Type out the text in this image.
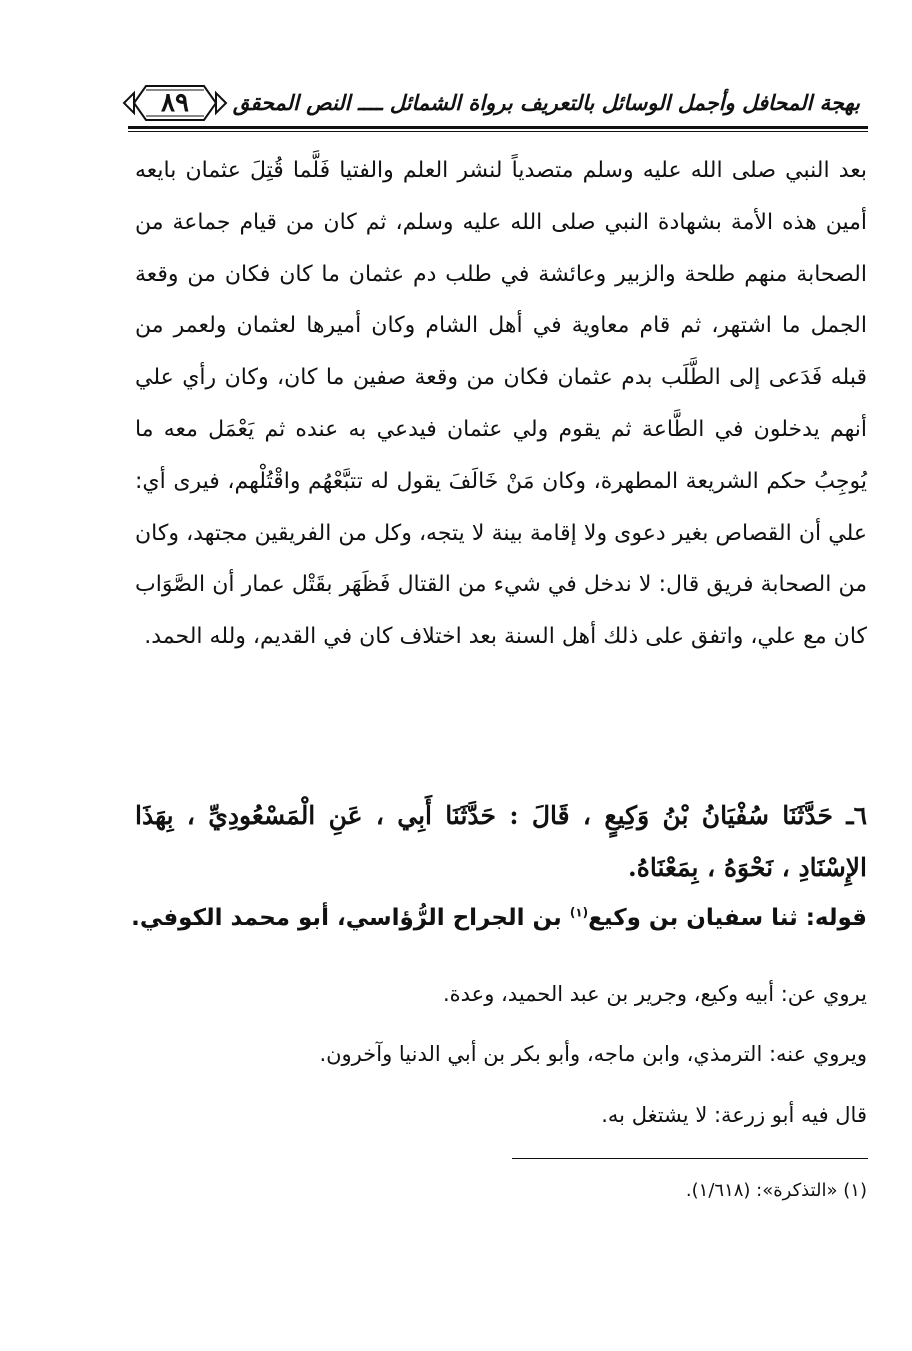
٨٩	بهجة المحافل وأجمل الوسائل بالتعريف برواة الشمائل ــــ النص المحقق

بعد النبي صلى الله عليه وسلم متصدياً لنشر العلم والفتيا فَلَّما قُتِلَ عثمان بايعه أمين هذه الأمة بشهادة النبي صلى الله عليه وسلم، ثم كان من قيام جماعة من الصحابة منهم طلحة والزبير وعائشة في طلب دم عثمان ما كان فكان من وقعة الجمل ما اشتهر، ثم قام معاوية في أهل الشام وكان أميرها لعثمان ولعمر من قبله فَدَعى إلى الطَّلَب بدم عثمان فكان من وقعة صفين ما كان، وكان رأي علي أنهم يدخلون في الطَّاعة ثم يقوم ولي عثمان فيدعي به عنده ثم يَعْمَل معه ما يُوجِبُ حكم الشريعة المطهرة، وكان مَنْ خَالَفَ يقول له تتبَّعْهُم واقْتُلْهم، فيرى أي: علي أن القصاص بغير دعوى ولا إقامة بينة لا يتجه، وكل من الفريقين مجتهد، وكان من الصحابة فريق قال: لا ندخل في شيء من القتال فَظَهَر بقَتْل عمار أن الصَّوَاب كان مع علي، واتفق على ذلك أهل السنة بعد اختلاف كان في القديم، ولله الحمد.

٦ـ حَدَّثَنَا سُفْيَانُ بْنُ وَكِيعٍ ، قَالَ : حَدَّثَنَا أَبِي ، عَنِ الْمَسْعُودِيِّ ، بِهَذَا الإِسْنَادِ ، نَحْوَهُ ، بِمَعْنَاهُ.
قوله: ثنا سفيان بن وكيع$^{(١)}$ بن الجراح الرُّؤاسي، أبو محمد الكوفي.
يروي عن: أبيه وكيع، وجرير بن عبد الحميد، وعدة.
ويروي عنه: الترمذي، وابن ماجه، وأبو بكر بن أبي الدنيا وآخرون.
قال فيه أبو زرعة: لا يشتغل به.
(١) «التذكرة»: (١/٦١٨).
